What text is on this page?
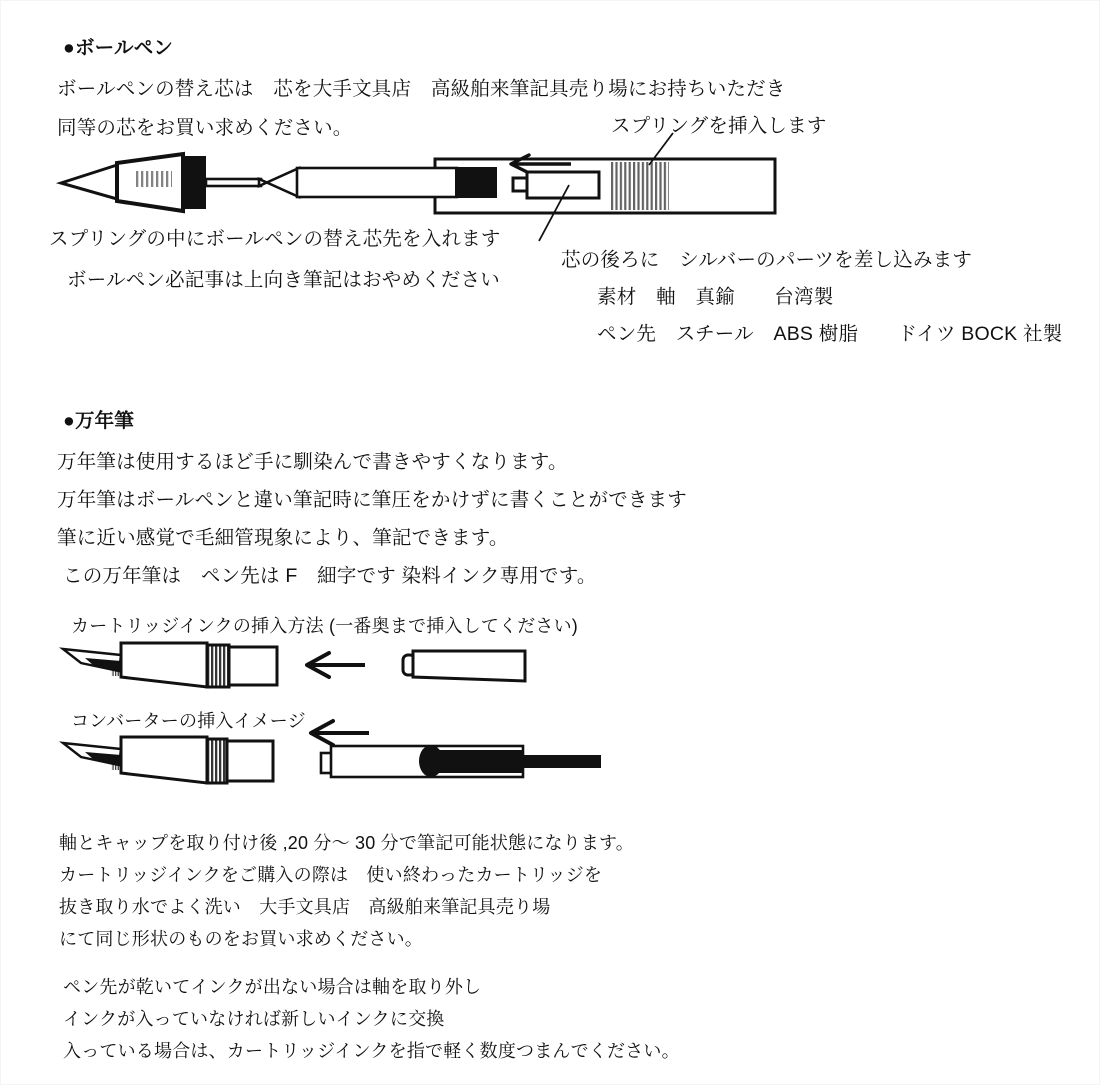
●ボールペン
ボールペンの替え芯は　芯を大手文具店　高級舶来筆記具売り場にお持ちいただき
同等の芯をお買い求めください。	スプリングを挿入します
スプリングの中にボールペンの替え芯先を入れます
ボールペン必記事は上向き筆記はおやめください
芯の後ろに　シルバーのパーツを差し込みます
素材　軸　真鍮　　台湾製
ペン先　スチール　ABS 樹脂　　ドイツ BOCK 社製
●万年筆
万年筆は使用するほど手に馴染んで書きやすくなります。
万年筆はボールペンと違い筆記時に筆圧をかけずに書くことができます
筆に近い感覚で毛細管現象により、筆記できます。
この万年筆は　ペン先は F　細字です 染料インク専用です。
カートリッジインクの挿入方法 (一番奥まで挿入してください)
コンバーターの挿入イメージ
軸とキャップを取り付け後 ,20 分〜 30 分で筆記可能状態になります。
カートリッジインクをご購入の際は　使い終わったカートリッジを
抜き取り水でよく洗い　大手文具店　高級舶来筆記具売り場
にて同じ形状のものをお買い求めください。
ペン先が乾いてインクが出ない場合は軸を取り外し
インクが入っていなければ新しいインクに交換
入っている場合は、カートリッジインクを指で軽く数度つまんでください。
